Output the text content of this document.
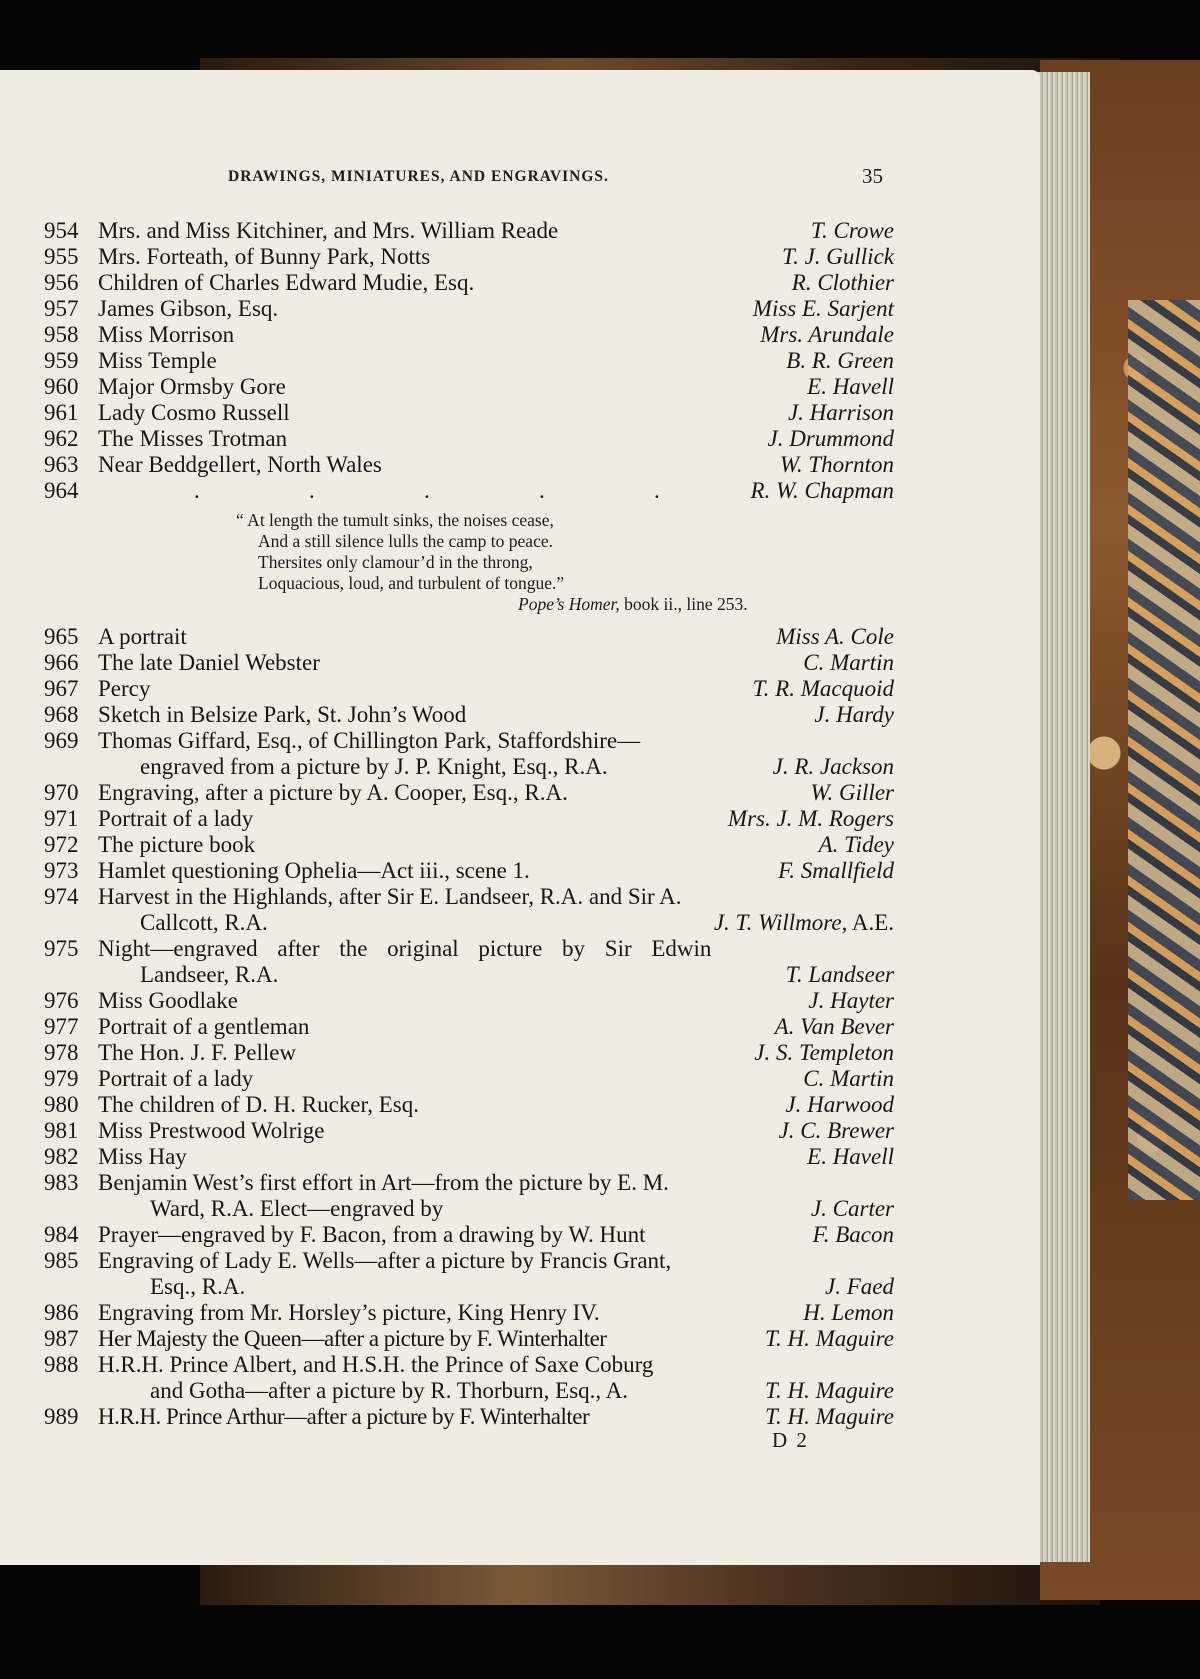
DRAWINGS, MINIATURES, AND ENGRAVINGS.	35
954 Mrs. and Miss Kitchiner, and Mrs. William Reade	T. Crowe
955 Mrs. Forteath, of Bunny Park, Notts	T. J. Gullick
956 Children of Charles Edward Mudie, Esq.	R. Clothier
957 James Gibson, Esq.	Miss E. Sarjent
958 Miss Morrison	Mrs. Arundale
959 Miss Temple	B. R. Green
960 Major Ormsby Gore	E. Havell
961 Lady Cosmo Russell	J. Harrison
962 The Misses Trotman	J. Drummond
963 Near Beddgellert, North Wales	W. Thornton
964	.                   .                   .                   .                   .	R. W. Chapman
“ At length the tumult sinks, the noises cease,
And a still silence lulls the camp to peace.
Thersites only clamour’d in the throng,
Loquacious, loud, and turbulent of tongue.”
Pope’s Homer, book ii., line 253.
965 A portrait	Miss A. Cole
966 The late Daniel Webster	C. Martin
967 Percy	T. R. Macquoid
968 Sketch in Belsize Park, St. John’s Wood	J. Hardy
969 Thomas Giffard, Esq., of Chillington Park, Staffordshire—
engraved from a picture by J. P. Knight, Esq., R.A.	J. R. Jackson
970 Engraving, after a picture by A. Cooper, Esq., R.A.	W. Giller
971 Portrait of a lady	Mrs. J. M. Rogers
972 The picture book	A. Tidey
973 Hamlet questioning Ophelia—Act iii., scene 1.	F. Smallfield
974 Harvest in the Highlands, after Sir E. Landseer, R.A. and Sir A.
Callcott, R.A.	J. T. Willmore, A.E.
975 Night—engraved after the original picture by Sir Edwin
Landseer, R.A.	T. Landseer
976 Miss Goodlake	J. Hayter
977 Portrait of a gentleman	A. Van Bever
978 The Hon. J. F. Pellew	J. S. Templeton
979 Portrait of a lady	C. Martin
980 The children of D. H. Rucker, Esq.	J. Harwood
981 Miss Prestwood Wolrige	J. C. Brewer
982 Miss Hay	E. Havell
983 Benjamin West’s first effort in Art—from the picture by E. M.
Ward, R.A. Elect—engraved by	J. Carter
984 Prayer—engraved by F. Bacon, from a drawing by W. Hunt	F. Bacon
985 Engraving of Lady E. Wells—after a picture by Francis Grant,
Esq., R.A.	J. Faed
986 Engraving from Mr. Horsley’s picture, King Henry IV.	H. Lemon
987 Her Majesty the Queen—after a picture by F. Winterhalter	T. H. Maguire
988 H.R.H. Prince Albert, and H.S.H. the Prince of Saxe Coburg
and Gotha—after a picture by R. Thorburn, Esq., A.	T. H. Maguire
989 H.R.H. Prince Arthur—after a picture by F. Winterhalter	T. H. Maguire
D 2
